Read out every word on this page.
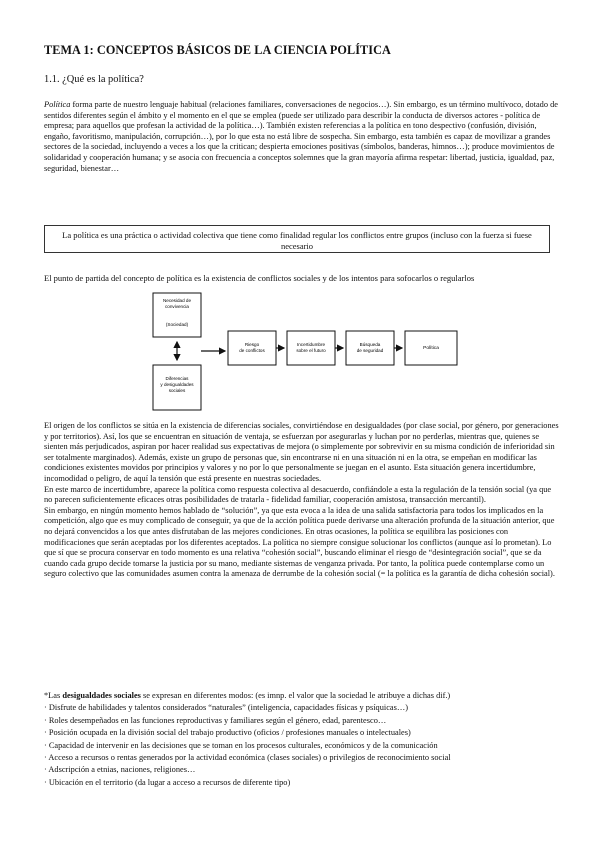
TEMA 1: CONCEPTOS BÁSICOS DE LA CIENCIA POLÍTICA
1.1. ¿Qué es la política?

Política forma parte de nuestro lenguaje habitual (relaciones familiares, conversaciones de negocios…). Sin embargo, es un término multívoco, dotado de sentidos diferentes según el ámbito y el momento en el que se emplea (puede ser utilizado para describir la conducta de diversos actores - política de empresa; para aquellos que profesan la actividad de la política…). También existen referencias a la política en tono despectivo (confusión, división, engaño, favoritismo, manipulación, corrupción…), por lo que esta no está libre de sospecha. Sin embargo, esta también es capaz de movilizar a grandes sectores de la sociedad, incluyendo a veces a los que la critican; despierta emociones positivas (símbolos, banderas, himnos…); produce movimientos de solidaridad y cooperación humana; y se asocia con frecuencia a conceptos solemnes que la gran mayoría afirma respetar: libertad, justicia, igualdad, paz, seguridad, bienestar…

La política es una práctica o actividad colectiva que tiene como finalidad regular los conflictos entre grupos (incluso con la fuerza si fuese necesario
El punto de partida del concepto de política es la existencia de conflictos sociales y de los intentos para sofocarlos o regularlos
Necesidad de
convivencia
(Sociedad)
Diferencias
y desigualdades
sociales
Riesgo
de conflictos
Incertidumbre
sobre el futuro
Búsqueda
de seguridad	Política

El origen de los conflictos se sitúa en la existencia de diferencias sociales, convirtiéndose en desigualdades (por clase social, por género, por generaciones y por territorios). Así, los que se encuentran en situación de ventaja, se esfuerzan por asegurarlas y luchan por no perderlas, mientras que, quienes se sienten más perjudicados, aspiran por hacer realidad sus expectativas de mejora (o simplemente por sobrevivir en su misma condición de inferioridad sin ser totalmente marginados). Además, existe un grupo de personas que, sin encontrarse ni en una situación ni en la otra, se empeñan en modificar las condiciones existentes movidos por principios y valores y no por lo que personalmente se juegan en el asunto. Esta situación genera incertidumbre, incomodidad o peligro, de aquí la tensión que está presente en nuestras sociedades.

En este marco de incertidumbre, aparece la política como respuesta colectiva al desacuerdo, confiándole a esta la regulación de la tensión social (ya que no parecen suficientemente eficaces otras posibilidades de tratarla - fidelidad familiar, cooperación amistosa, transacción mercantil).

Sin embargo, en ningún momento hemos hablado de “solución”, ya que esta evoca a la idea de una salida satisfactoria para todos los implicados en la competición, algo que es muy complicado de conseguir, ya que de la acción política puede derivarse una alteración profunda de la situación anterior, que no dejará convencidos a los que antes disfrutaban de las mejores condiciones. En otras ocasiones, la política se equilibra las posiciones con modificaciones que serán aceptadas por los diferentes aceptados. La política no siempre consigue solucionar los conflictos (aunque así lo prometan). Lo que sí que se procura conservar en todo momento es una relativa “cohesión social”, buscando eliminar el riesgo de “desintegración social”, que se da cuando cada grupo decide tomarse la justicia por su mano, mediante sistemas de venganza privada. Por tanto, la política puede contemplarse como un seguro colectivo que las comunidades asumen contra la amenaza de derrumbe de la cohesión social (= la política es la garantía de dicha cohesión social).

*Las desigualdades sociales se expresan en diferentes modos: (es imnp. el valor que la sociedad le atribuye a dichas dif.)
· Disfrute de habilidades y talentos considerados “naturales” (inteligencia, capacidades físicas y psíquicas…)
· Roles desempeñados en las funciones reproductivas y familiares según el género, edad, parentesco…
· Posición ocupada en la división social del trabajo productivo (oficios / profesiones manuales o intelectuales)
· Capacidad de intervenir en las decisiones que se toman en los procesos culturales, económicos y de la comunicación
· Acceso a recursos o rentas generados por la actividad económica (clases sociales) o privilegios de reconocimiento social
· Adscripción a etnias, naciones, religiones…
· Ubicación en el territorio (da lugar a acceso a recursos de diferente tipo)
